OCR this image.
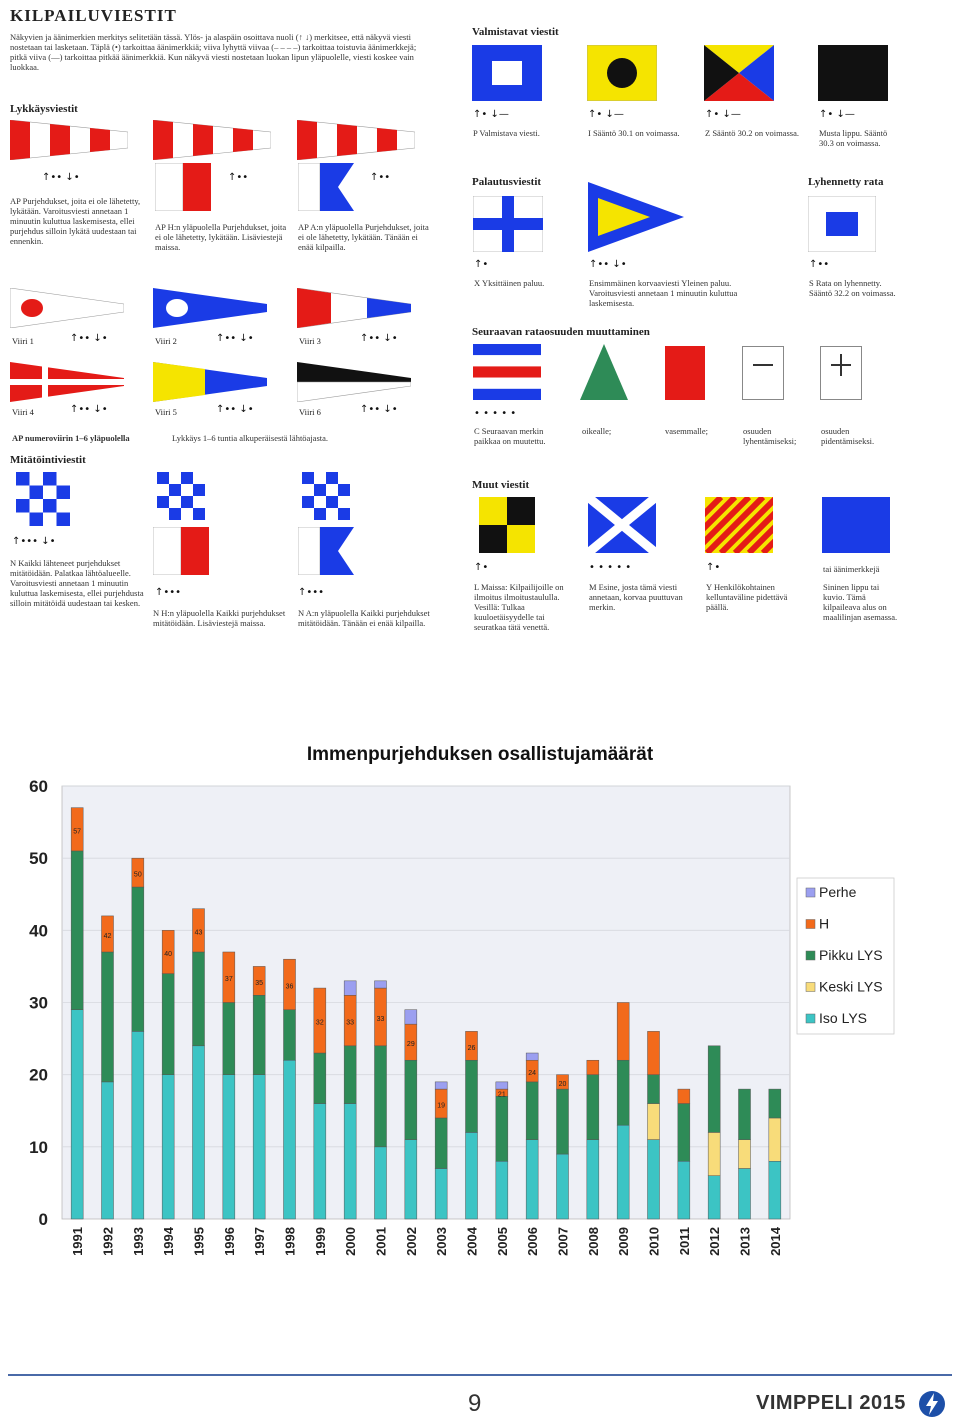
KILPAILUVIESTIT
Näkyvien ja äänimerkien merkitys selitetään tässä. Ylös- ja alaspäin osoittava nuoli (↑ ↓) merkitsee, että näkyvä viesti nostetaan tai lasketaan. Täplä (•) tarkoittaa äänimerkkiä; viiva lyhyttä viivaa (– – – –) tarkoittaa toistuvia äänimerkkejä; pitkä viiva (—) tarkoittaa pitkää äänimerkkiä. Kun näkyvä viesti nostetaan luokan lipun yläpuolelle, viesti koskee vain luokkaa.
Lykkäysviestit
↑•• ↓•	↑••	↑••
AP Purjehdukset, joita ei ole lähetetty, lykätään. Varoitusviesti annetaan 1 minuutin kuluttua laskemisesta, ellei purjehdus silloin lykätä uudestaan tai ennenkin.
AP H:n yläpuolella Purjehdukset, joita ei ole lähetetty, lykätään. Lisäviestejä maissa.
AP A:n yläpuolella Purjehdukset, joita ei ole lähetetty, lykätään. Tänään ei enää kilpailla.
Viiri 1	↑•• ↓•	Viiri 2	↑•• ↓•	Viiri 3	↑•• ↓•
Viiri 4	↑•• ↓•	Viiri 5	↑•• ↓•	Viiri 6	↑•• ↓•
AP numeroviirin 1–6 yläpuolella	Lykkäys 1–6 tuntia alkuperäisestä lähtöajasta.
Mitätöintiviestit
↑••• ↓•
↑•••	↑•••
N Kaikki lähteneet purjehdukset mitätöidään. Palatkaa lähtöalueelle. Varoitusviesti annetaan 1 minuutin kuluttua laskemisesta, ellei purjehdusta silloin mitätöidä uudestaan tai kesken.
N H:n yläpuolella Kaikki purjehdukset mitätöidään. Lisäviestejä maissa.
N A:n yläpuolella Kaikki purjehdukset mitätöidään. Tänään ei enää kilpailla.
Valmistavat viestit
↑• ↓—	↑• ↓—	↑• ↓—	↑• ↓—
P Valmistava viesti.	I Sääntö 30.1 on voimassa.	Z Sääntö 30.2 on voimassa.	Musta lippu. Sääntö 30.3 on voimassa.
Palautusviestit
↑•	↑•• ↓•
X Yksittäinen paluu.	Ensimmäinen korvaaviesti Yleinen paluu. Varoitusviesti annetaan 1 minuutin kuluttua laskemisesta.
Lyhennetty rata
↑••
S Rata on lyhennetty. Sääntö 32.2 on voimassa.
Seuraavan rataosuuden muuttaminen
• • • • •
C Seuraavan merkin paikkaa on muutettu.
oikealle;	vasemmalle;	osuuden lyhentämiseksi;
osuuden pidentämiseksi.
Muut viestit
↑•	• • • • •	↑•	tai äänimerkkejä
L Maissa: Kilpailijoille on ilmoitus ilmoitustaululla. Vesillä: Tulkaa kuuloetäisyydelle tai seuratkaa tätä venettä.
M Esine, josta tämä viesti annetaan, korvaa puuttuvan merkin.
Y Henkilökohtainen kelluntaväline pidettävä päällä.
Sininen lippu tai kuvio. Tämä kilpaileava alus on maalilinjan asemassa.
Immenpurjehduksen osallistujamäärät
0
10
20
30
40
50
60
57
1991
42
1992
50
1993
40
1994
43
1995
37
1996
35
1997
36
1998
32
1999
33
2000
33
2001
29
2002
19
2003
26
2004
21
2005
24
2006
20
2007 2008 2009 2010 2011 2012 2013 2014
Perhe
H
Pikku LYS
Keski LYS
Iso LYS
9	VIMPPELI 2015
